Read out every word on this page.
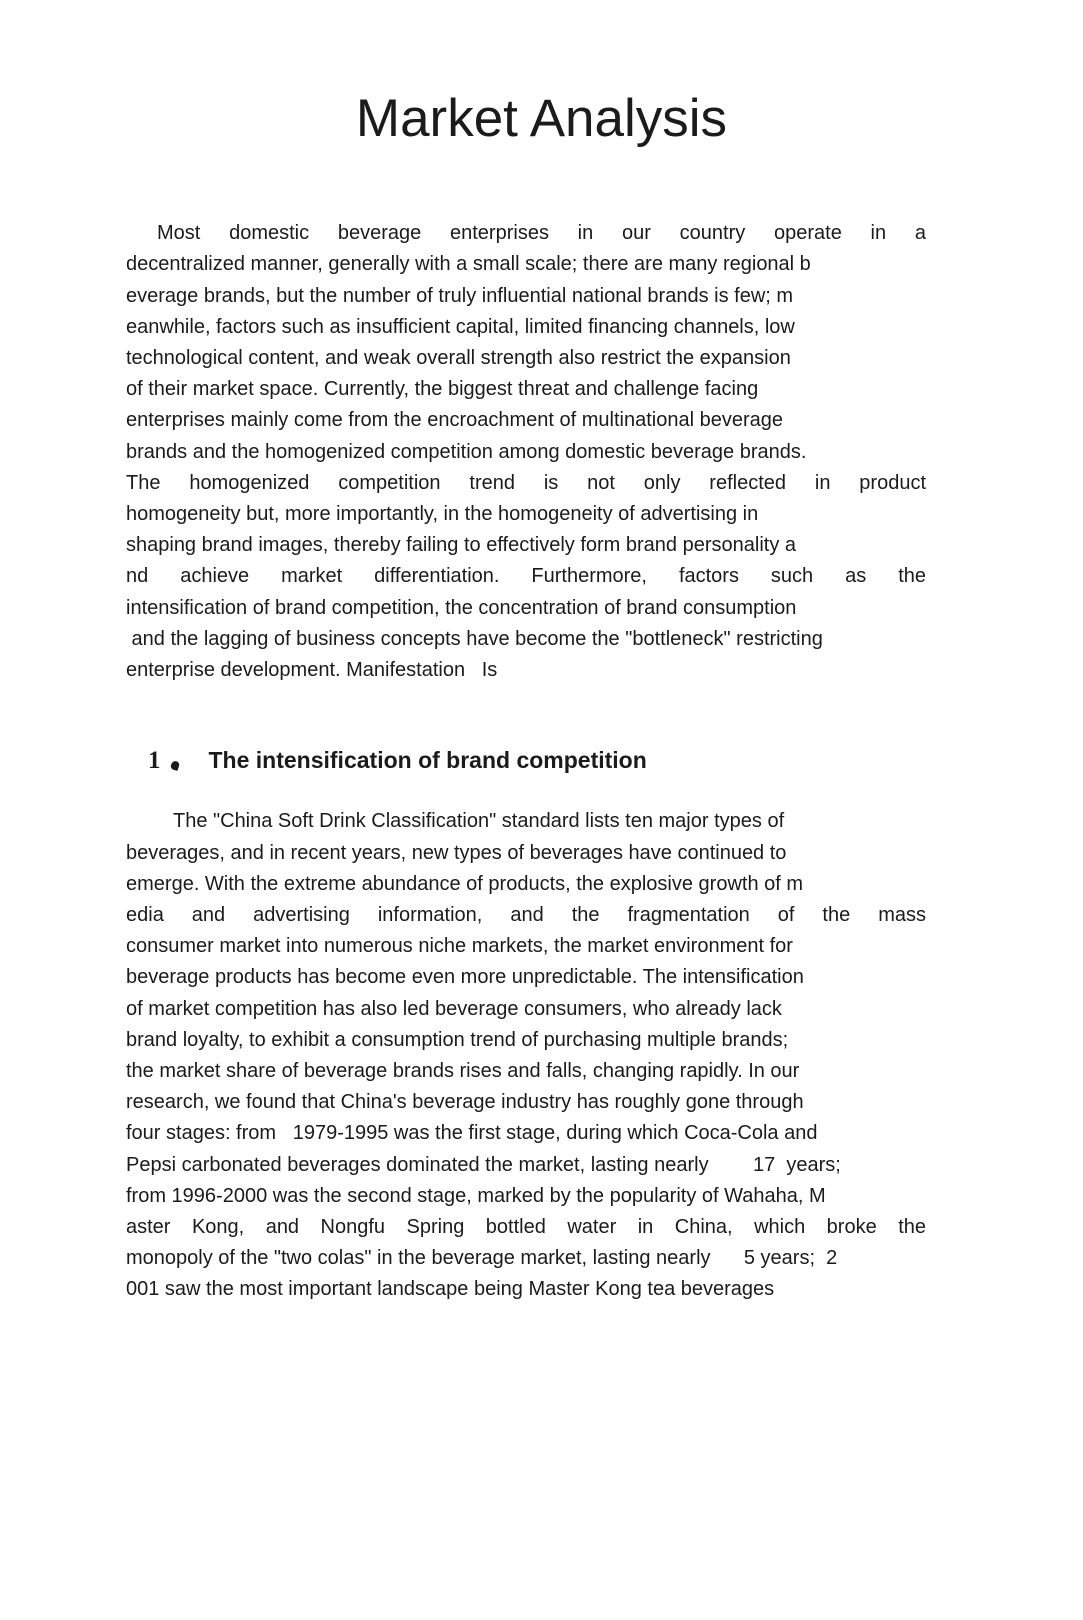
Market Analysis
Most domestic beverage enterprises in our country operate in a
decentralized manner, generally with a small scale; there are many regional b
everage brands, but the number of truly influential national brands is few; m
eanwhile, factors such as insufficient capital, limited financing channels, low
technological content, and weak overall strength also restrict the expansion
of their market space. Currently, the biggest threat and challenge facing
enterprises mainly come from the encroachment of multinational beverage
brands and the homogenized competition among domestic beverage brands.
The homogenized competition trend is not only reflected in product
homogeneity but, more importantly, in the homogeneity of advertising in
shaping brand images, thereby failing to effectively form brand personality a
nd achieve market differentiation. Furthermore, factors such as the
intensification of brand competition, the concentration of brand consumption
and the lagging of business concepts have become the "bottleneck" restricting
enterprise development. Manifestation   Is
1 The intensification of brand competition
The "China Soft Drink Classification" standard lists ten major types of
beverages, and in recent years, new types of beverages have continued to
emerge. With the extreme abundance of products, the explosive growth of m
edia and advertising information, and the fragmentation of the mass
consumer market into numerous niche markets, the market environment for
beverage products has become even more unpredictable. The intensification
of market competition has also led beverage consumers, who already lack
brand loyalty, to exhibit a consumption trend of purchasing multiple brands;
the market share of beverage brands rises and falls, changing rapidly. In our
research, we found that China's beverage industry has roughly gone through
four stages: from   1979-1995 was the first stage, during which Coca-Cola and
Pepsi carbonated beverages dominated the market, lasting nearly        17  years;
from 1996-2000 was the second stage, marked by the popularity of Wahaha, M
aster Kong, and Nongfu Spring bottled water in China, which broke the
monopoly of the "two colas" in the beverage market, lasting nearly      5 years;  2
001 saw the most important landscape being Master Kong tea beverages
